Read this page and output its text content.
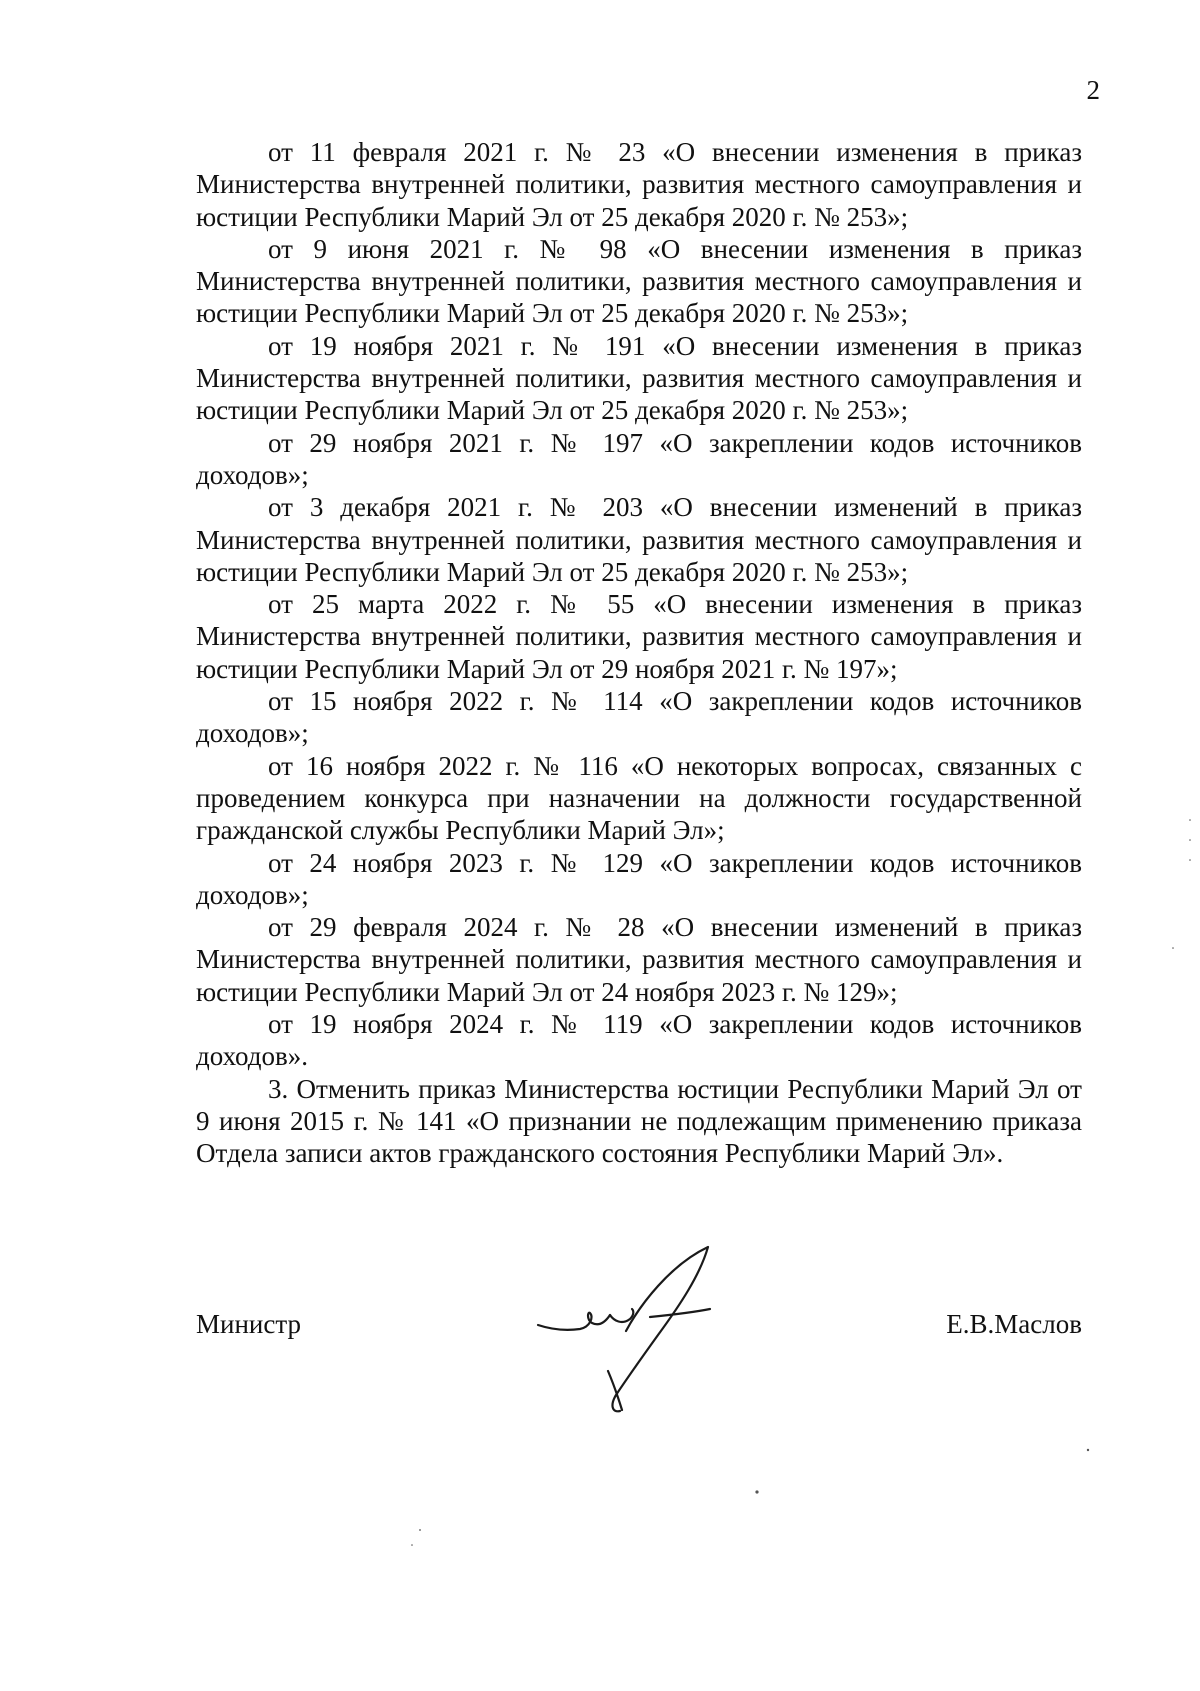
2

от 11 февраля 2021 г. № 23 «О внесении изменения в приказ Министерства внутренней политики, развития местного самоуправления и юстиции Республики Марий Эл от 25 декабря 2020 г. № 253»;

от 9 июня 2021 г. № 98 «О внесении изменения в приказ Министерства внутренней политики, развития местного самоуправления и юстиции Республики Марий Эл от 25 декабря 2020 г. № 253»;

от 19 ноября 2021 г. № 191 «О внесении изменения в приказ Министерства внутренней политики, развития местного самоуправления и юстиции Республики Марий Эл от 25 декабря 2020 г. № 253»;

от 29 ноября 2021 г. № 197 «О закреплении кодов источников доходов»;

от 3 декабря 2021 г. № 203 «О внесении изменений в приказ Министерства внутренней политики, развития местного самоуправления и юстиции Республики Марий Эл от 25 декабря 2020 г. № 253»;

от 25 марта 2022 г. № 55 «О внесении изменения в приказ Министерства внутренней политики, развития местного самоуправления и юстиции Республики Марий Эл от 29 ноября 2021 г. № 197»;

от 15 ноября 2022 г. № 114 «О закреплении кодов источников доходов»;

от 16 ноября 2022 г. № 116 «О некоторых вопросах, связанных с проведением конкурса при назначении на должности государственной гражданской службы Республики Марий Эл»;

от 24 ноября 2023 г. № 129 «О закреплении кодов источников доходов»;

от 29 февраля 2024 г. № 28 «О внесении изменений в приказ Министерства внутренней политики, развития местного самоуправления и юстиции Республики Марий Эл от 24 ноября 2023 г. № 129»;

от 19 ноября 2024 г. № 119 «О закреплении кодов источников доходов».

3. Отменить приказ Министерства юстиции Республики Марий Эл от 9 июня 2015 г. № 141 «О признании не подлежащим применению приказа Отдела записи актов гражданского состояния Республики Марий Эл».

Министр	Е.В.Маслов
